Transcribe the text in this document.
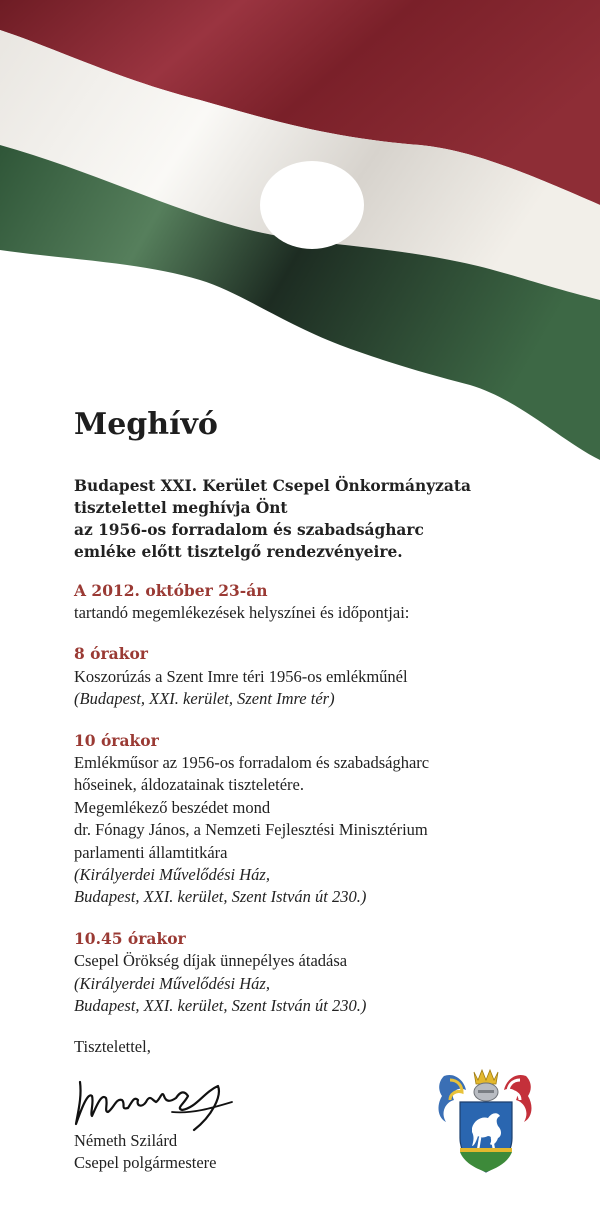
Meghívó
Budapest XXI. Kerület Csepel Önkormányzata
tisztelettel meghívja Önt
az 1956-os forradalom és szabadságharc
emléke előtt tisztelgő rendezvényeire.
A 2012. október 23-án
tartandó megemlékezések helyszínei és időpontjai:
8 órakor
Koszorúzás a Szent Imre téri 1956-os emlékműnél
(Budapest, XXI. kerület, Szent Imre tér)
10 órakor
Emlékműsor az 1956-os forradalom és szabadságharc
hőseinek, áldozatainak tiszteletére.
Megemlékező beszédet mond
dr. Fónagy János, a Nemzeti Fejlesztési Minisztérium
parlamenti államtitkára
(Királyerdei Művelődési Ház,
Budapest, XXI. kerület, Szent István út 230.)
10.45 órakor
Csepel Örökség díjak ünnepélyes átadása
(Királyerdei Művelődési Ház,
Budapest, XXI. kerület, Szent István út 230.)
Tisztelettel,
Németh Szilárd
Csepel polgármestere
